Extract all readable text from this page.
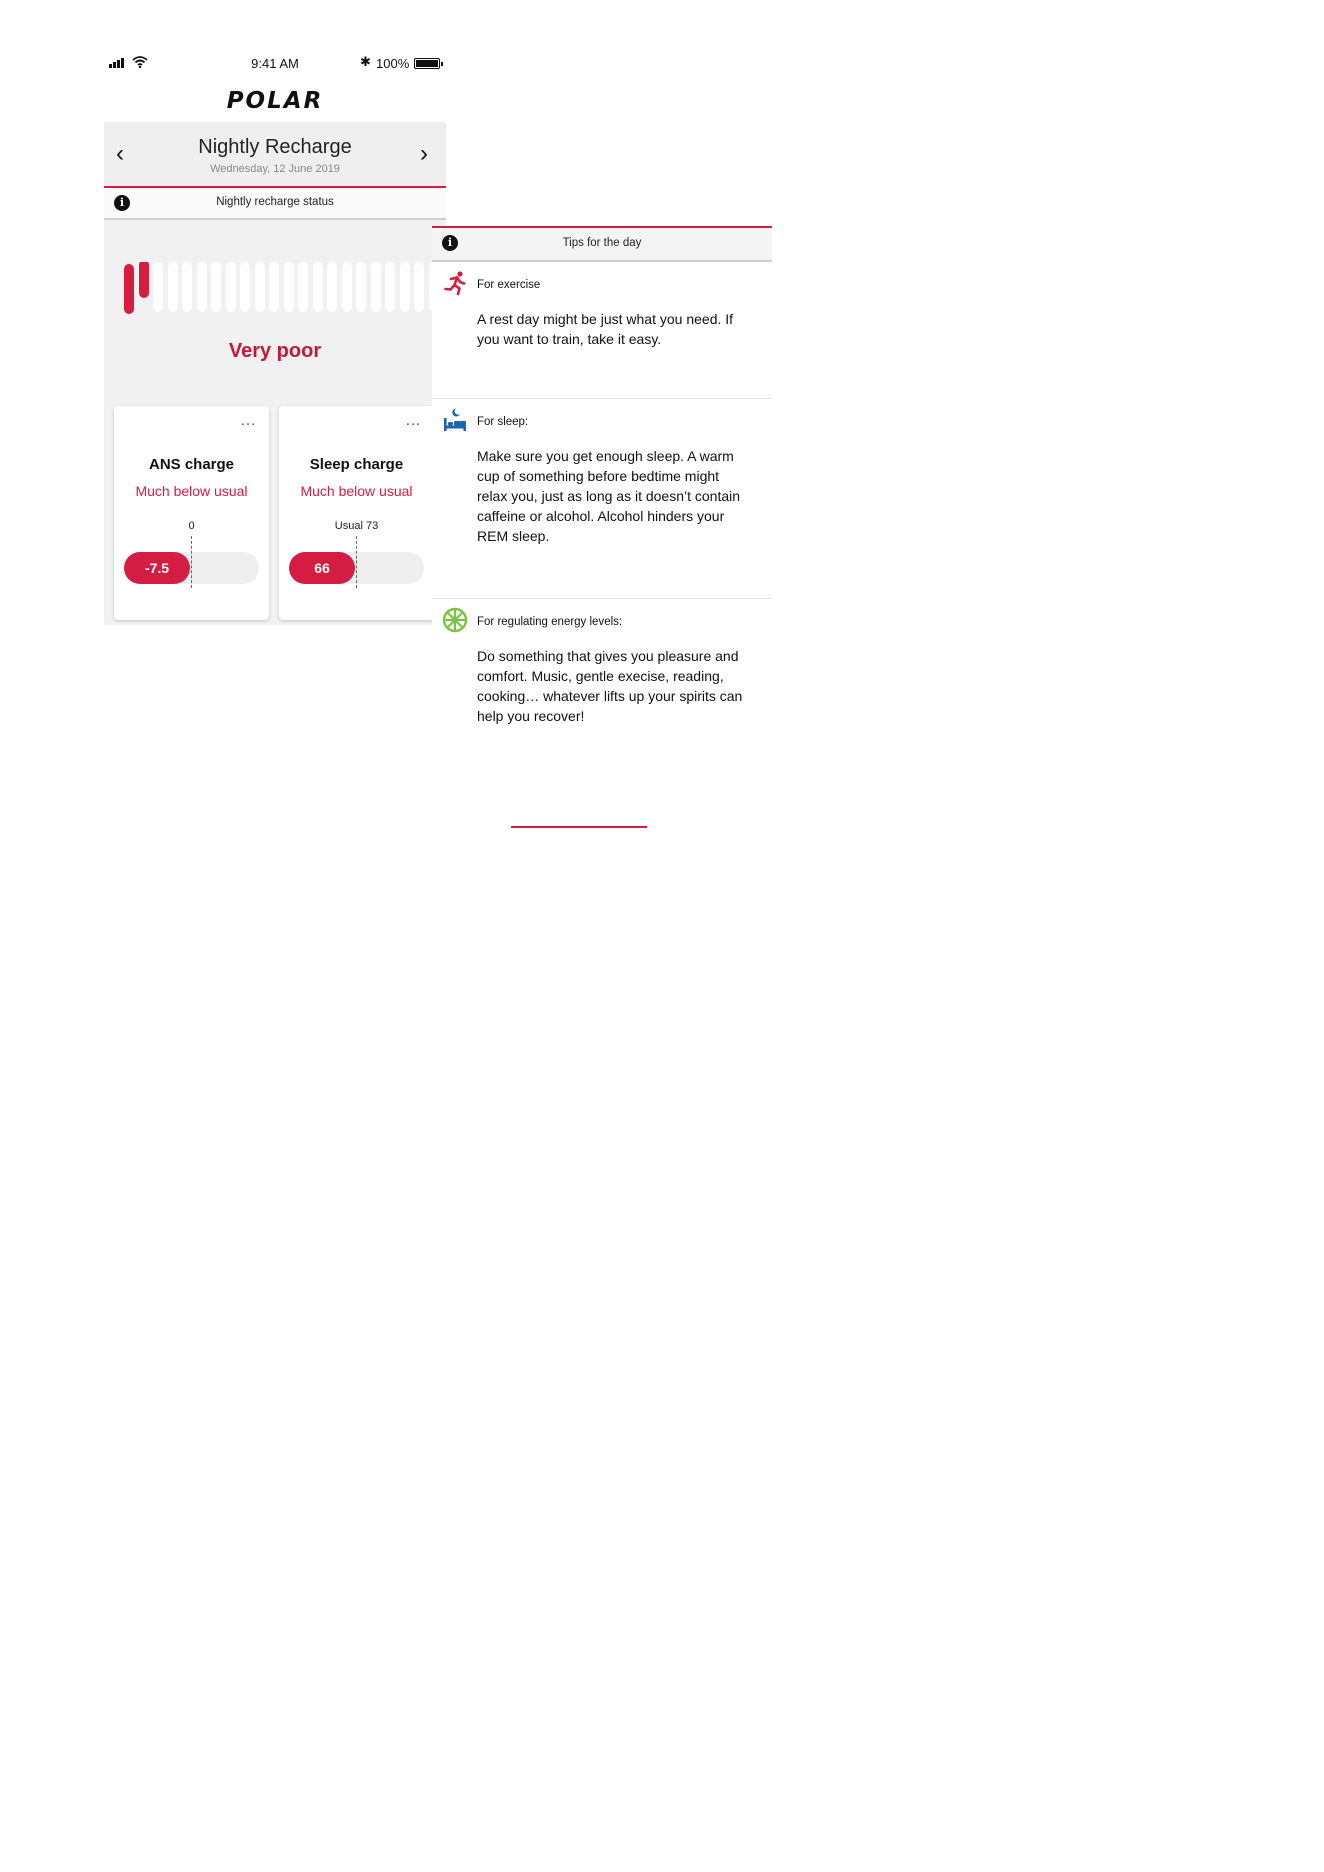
9:41 AM	✱ 100%
POLAR
‹	Nightly Recharge
Wednesday, 12 June 2019
›
i	Nightly recharge status
Very poor
…
ANS charge
Much below usual
0
-7.5
…
Sleep charge
Much below usual
Usual 73
66
i	Tips for the day
For exercise
A rest day might be just what you need. If you want to train, take it easy.
For sleep:
Make sure you get enough sleep. A warm cup of something before bedtime might relax you, just as long as it doesn’t contain caffeine or alcohol. Alcohol hinders your REM sleep.
For regulating energy levels:
Do something that gives you pleasure and comfort. Music, gentle execise, reading, cooking… whatever lifts up your spirits can help you recover!
